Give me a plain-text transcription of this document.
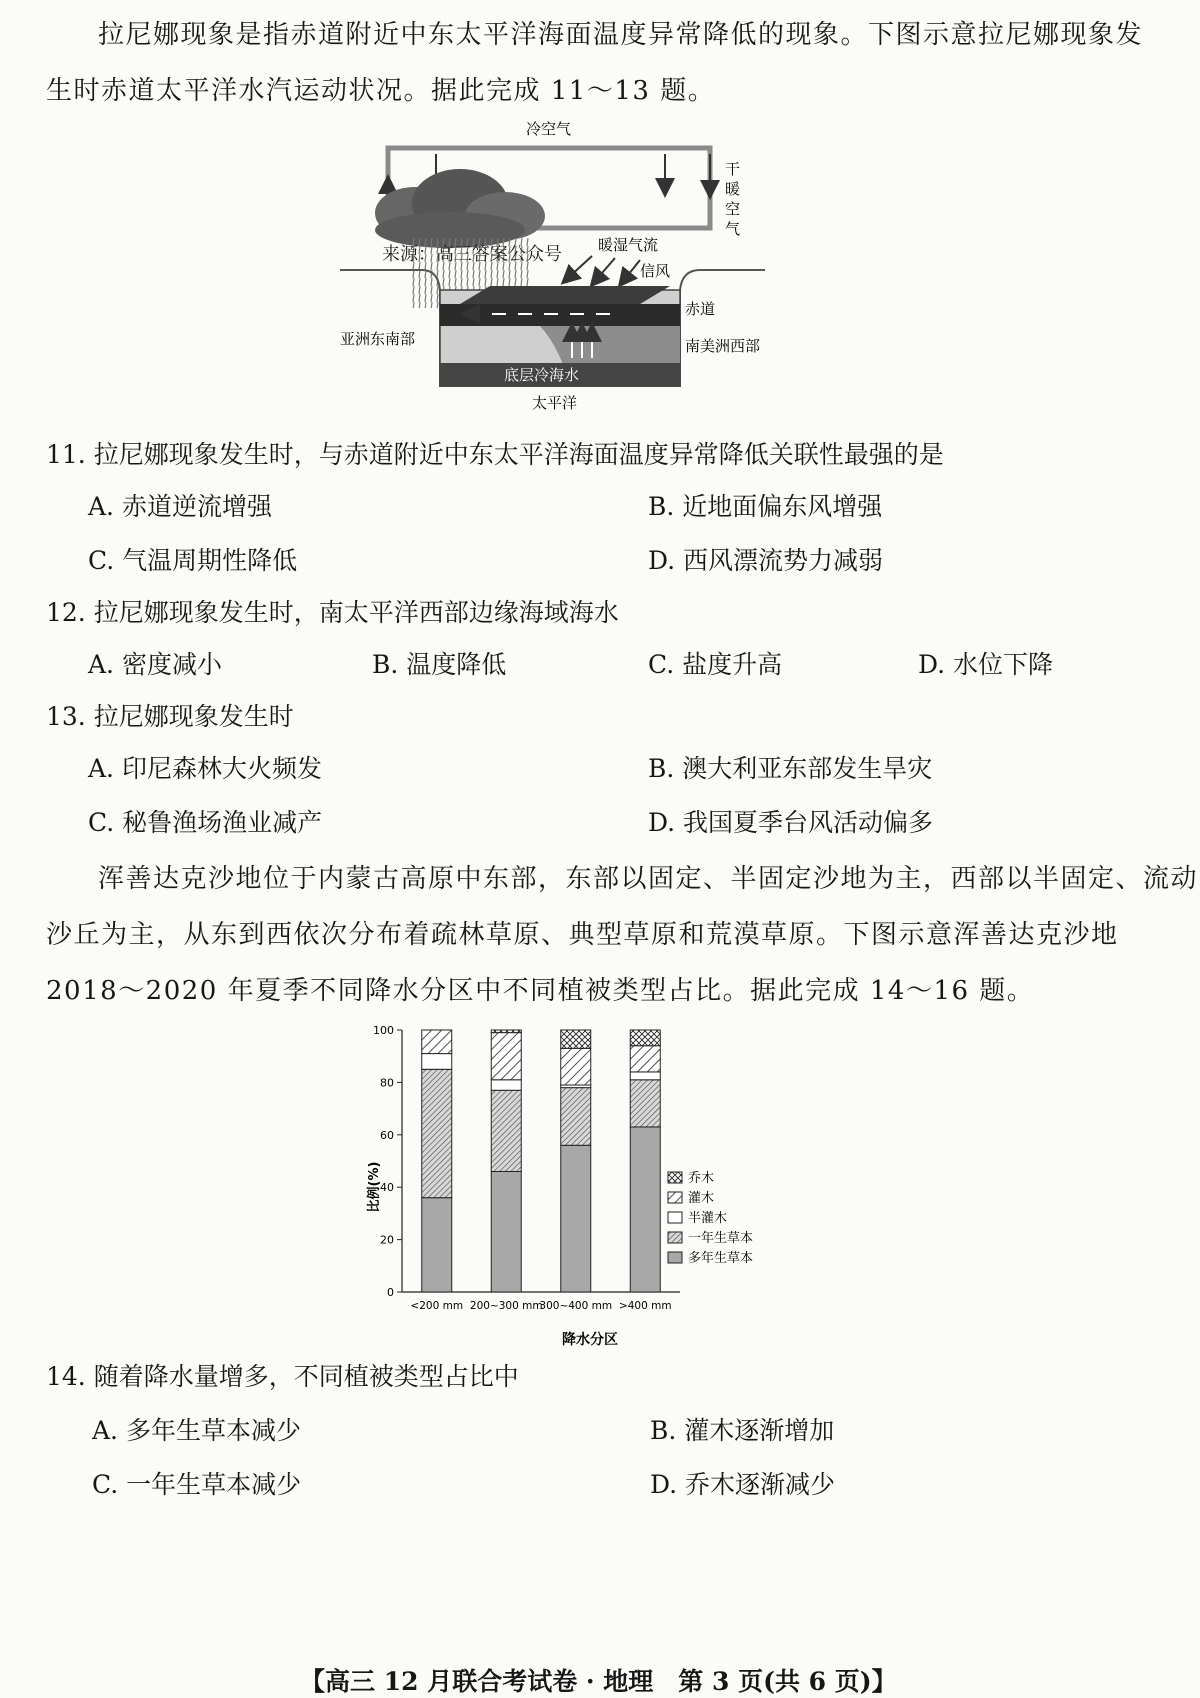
拉尼娜现象是指赤道附近中东太平洋海面温度异常降低的现象。下图示意拉尼娜现象发
生时赤道太平洋水汽运动状况。据此完成 11～13 题。
冷空气
干
暖
空
气
来源：高三答案公众号 暖湿气流
信风
底层冷海水
赤道
亚洲东南部	南美洲西部
太平洋
11. 拉尼娜现象发生时，与赤道附近中东太平洋海面温度异常降低关联性最强的是
A. 赤道逆流增强	B. 近地面偏东风增强
C. 气温周期性降低	D. 西风漂流势力减弱
12. 拉尼娜现象发生时，南太平洋西部边缘海域海水
A. 密度减小	B. 温度降低	C. 盐度升高	D. 水位下降
13. 拉尼娜现象发生时
A. 印尼森林大火频发	B. 澳大利亚东部发生旱灾
C. 秘鲁渔场渔业减产	D. 我国夏季台风活动偏多
浑善达克沙地位于内蒙古高原中东部，东部以固定、半固定沙地为主，西部以半固定、流动
沙丘为主，从东到西依次分布着疏林草原、典型草原和荒漠草原。下图示意浑善达克沙地
2018～2020 年夏季不同降水分区中不同植被类型占比。据此完成 14～16 题。
0
20
40
60
80
100
<200 mm 200~300 mm
300~400 mm >400 mm
乔木
灌木
半灌木
一年生草本
多年生草本
比例(%)
降水分区
14. 随着降水量增多，不同植被类型占比中
A. 多年生草本减少	B. 灌木逐渐增加
C. 一年生草本减少	D. 乔木逐渐减少
【高三 12 月联合考试卷 · 地理　第 3 页(共 6 页)】
